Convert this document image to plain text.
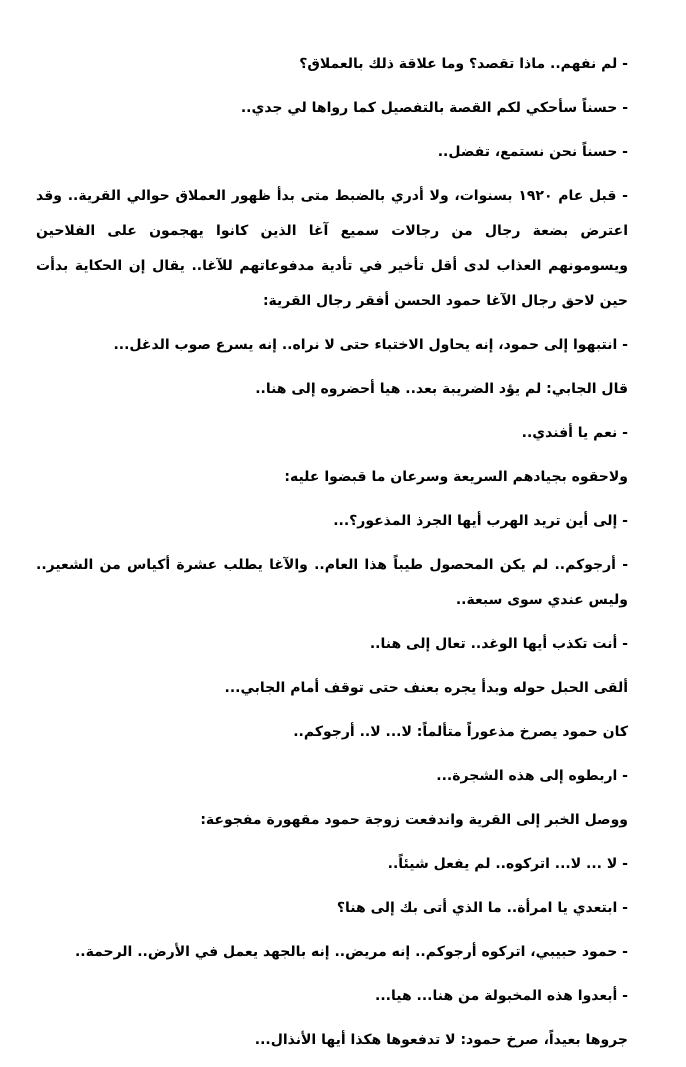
- لم نفهم.. ماذا تقصد؟ وما علاقة ذلك بالعملاق؟

- حسناً سأحكي لكم القصة بالتفصيل كما رواها لي جدي..

- حسناً نحن نستمع، تفضل..

- قبل عام ١٩٢٠ بسنوات، ولا أدري بالضبط متى بدأ ظهور العملاق حوالي القرية.. وقد اعترض بضعة رجال من رجالات سميع آغا الذين كانوا يهجمون على الفلاحين ويسومونهم العذاب لدى أقل تأخير في تأدية مدفوعاتهم للآغا.. يقال إن الحكاية بدأت حين لاحق رجال الآغا حمود الحسن أفقر رجال القرية:

- انتبهوا إلى حمود، إنه يحاول الاختباء حتى لا نراه.. إنه يسرع صوب الدغل...

قال الجابي: لم يؤد الضريبة بعد.. هيا أحضروه إلى هنا..

- نعم يا أفندي..

ولاحقوه بجيادهم السريعة وسرعان ما قبضوا عليه:

- إلى أين تريد الهرب أيها الجرذ المذعور؟...

- أرجوكم.. لم يكن المحصول طيباً هذا العام.. والآغا يطلب عشرة أكياس من الشعير.. وليس عندي سوى سبعة..

- أنت تكذب أيها الوغد.. تعال إلى هنا..

ألقى الحبل حوله وبدأ يجره بعنف حتى توقف أمام الجابي...

كان حمود يصرخ مذعوراً متألماً: لا... لا.. أرجوكم..

- اربطوه إلى هذه الشجرة...

ووصل الخبر إلى القرية واندفعت زوجة حمود مقهورة مفجوعة:

- لا ... لا... اتركوه.. لم يفعل شيئاً..

- ابتعدي يا امرأة.. ما الذي أتى بك إلى هنا؟

- حمود حبيبي، اتركوه أرجوكم.. إنه مريض.. إنه بالجهد يعمل في الأرض.. الرحمة..

- أبعدوا هذه المخبولة من هنا... هيا...

جروها بعيداً، صرخ حمود: لا تدفعوها هكذا أيها الأنذال...
